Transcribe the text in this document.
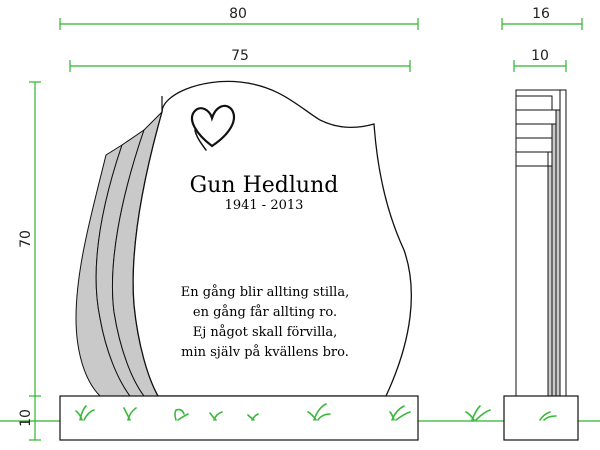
80
75
16
10
70
10
Gun Hedlund
1941 - 2013
En gång blir allting stilla,
en gång får allting ro.
Ej något skall förvilla,
min själv på kvällens bro.
